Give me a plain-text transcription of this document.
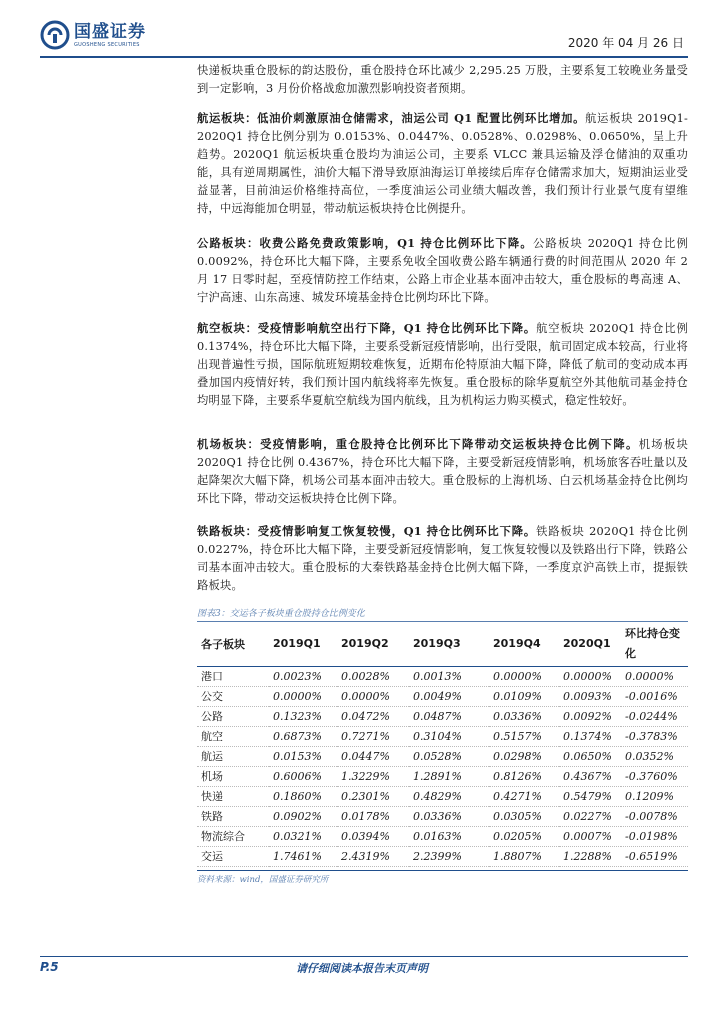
国盛证券
GUOSHENG SECURITIES	2020 年 04 月 26 日

快递板块重仓股标的韵达股份，重仓股持仓环比减少 2,295.25 万股，主要系复工较晚业务量受到一定影响，3 月份价格战愈加激烈影响投资者预期。

航运板块：低油价刺激原油仓储需求，油运公司 Q1 配置比例环比增加。航运板块 2019Q1-2020Q1 持仓比例分别为 0.0153%、0.0447%、0.0528%、0.0298%、0.0650%，呈上升趋势。2020Q1 航运板块重仓股均为油运公司，主要系 VLCC 兼具运输及浮仓储油的双重功能，具有逆周期属性，油价大幅下滑导致原油海运订单接续后库存仓储需求加大，短期油运业受益显著，目前油运价格维持高位，一季度油运公司业绩大幅改善，我们预计行业景气度有望维持，中远海能加仓明显，带动航运板块持仓比例提升。

公路板块：收费公路免费政策影响，Q1 持仓比例环比下降。公路板块 2020Q1 持仓比例 0.0092%，持仓环比大幅下降，主要系免收全国收费公路车辆通行费的时间范围从 2020 年 2 月 17 日零时起，至疫情防控工作结束，公路上市企业基本面冲击较大，重仓股标的粤高速 A、宁沪高速、山东高速、城发环境基金持仓比例均环比下降。

航空板块：受疫情影响航空出行下降，Q1 持仓比例环比下降。航空板块 2020Q1 持仓比例 0.1374%，持仓环比大幅下降，主要系受新冠疫情影响，出行受限，航司固定成本较高，行业将出现普遍性亏损，国际航班短期较难恢复，近期布伦特原油大幅下降，降低了航司的变动成本再叠加国内疫情好转，我们预计国内航线将率先恢复。重仓股标的除华夏航空外其他航司基金持仓均明显下降，主要系华夏航空航线为国内航线，且为机构运力购买模式，稳定性较好。

机场板块：受疫情影响，重仓股持仓比例环比下降带动交运板块持仓比例下降。机场板块 2020Q1 持仓比例 0.4367%，持仓环比大幅下降，主要受新冠疫情影响，机场旅客吞吐量以及起降架次大幅下降，机场公司基本面冲击较大。重仓股标的上海机场、白云机场基金持仓比例均环比下降，带动交运板块持仓比例下降。

铁路板块：受疫情影响复工恢复较慢，Q1 持仓比例环比下降。铁路板块 2020Q1 持仓比例 0.0227%，持仓环比大幅下降，主要受新冠疫情影响，复工恢复较慢以及铁路出行下降，铁路公司基本面冲击较大。重仓股标的大秦铁路基金持仓比例大幅下降，一季度京沪高铁上市，提振铁路板块。

图表3：交运各子板块重仓股持仓比例变化
各子板块	2019Q1	2019Q2	2019Q3	2019Q4	2020Q1	环比持仓变化
港口	0.0023%	0.0028%	0.0013%	0.0000%	0.0000%	0.0000%
公交	0.0000%	0.0000%	0.0049%	0.0109%	0.0093%	-0.0016%
公路	0.1323%	0.0472%	0.0487%	0.0336%	0.0092%	-0.0244%
航空	0.6873%	0.7271%	0.3104%	0.5157%	0.1374%	-0.3783%
航运	0.0153%	0.0447%	0.0528%	0.0298%	0.0650%	0.0352%
机场	0.6006%	1.3229%	1.2891%	0.8126%	0.4367%	-0.3760%
快递	0.1860%	0.2301%	0.4829%	0.4271%	0.5479%	0.1209%
铁路	0.0902%	0.0178%	0.0336%	0.0305%	0.0227%	-0.0078%
物流综合	0.0321%	0.0394%	0.0163%	0.0205%	0.0007%	-0.0198%
交运	1.7461%	2.4319%	2.2399%	1.8807%	1.2288%	-0.6519%
资料来源：wind，国盛证券研究所
请仔细阅读本报告末页声明
P.5
